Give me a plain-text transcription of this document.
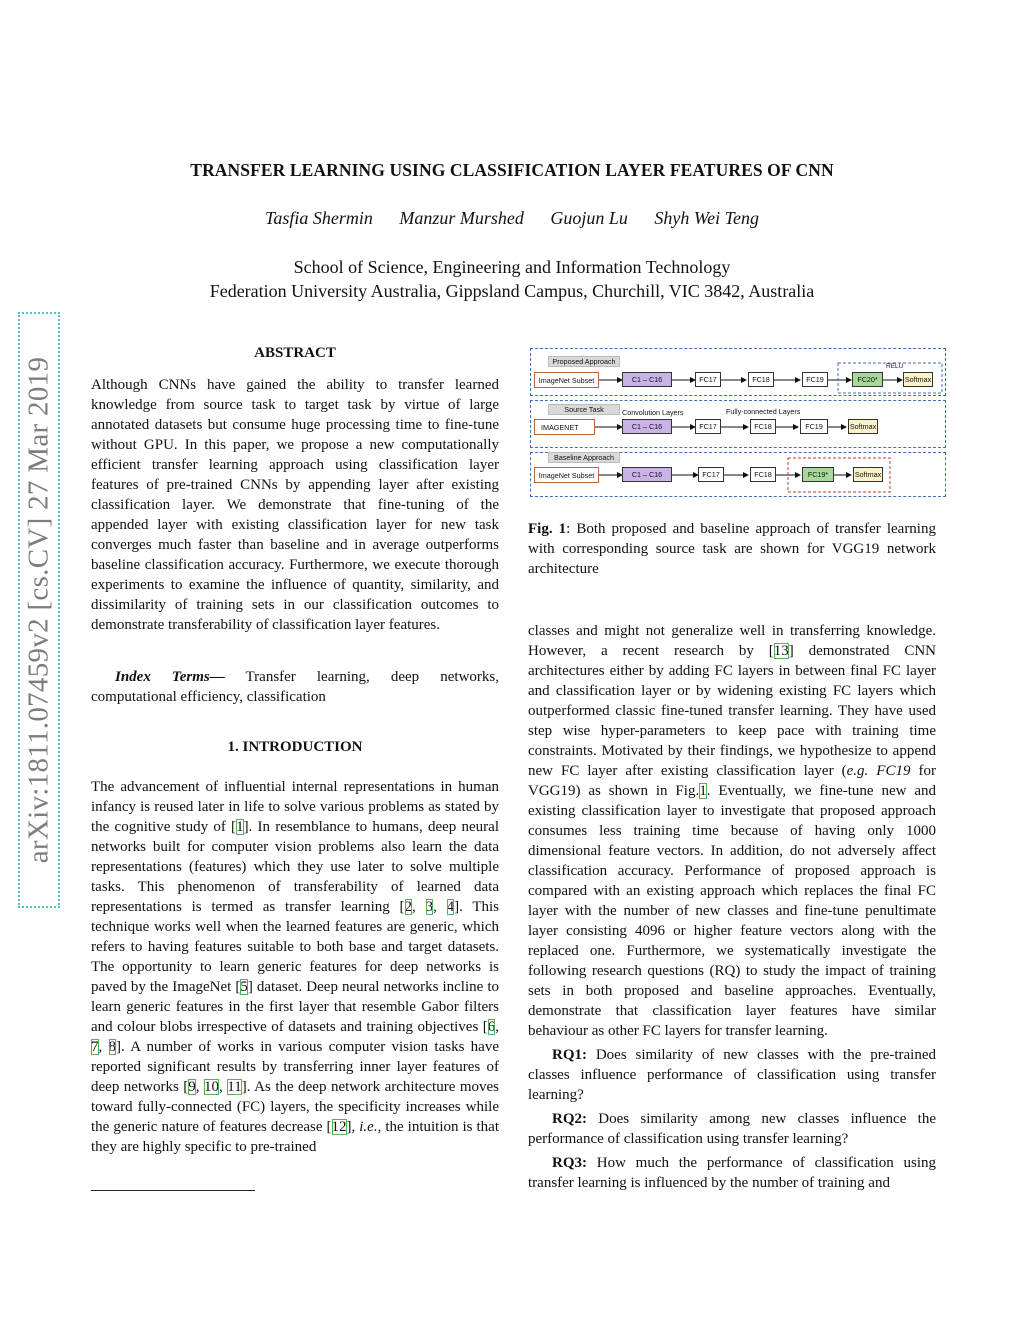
TRANSFER LEARNING USING CLASSIFICATION LAYER FEATURES OF CNN
Tasfia Shermin Manzur Murshed Guojun Lu Shyh Wei Teng
School of Science, Engineering and Information Technology
Federation University Australia, Gippsland Campus, Churchill, VIC 3842, Australia
arXiv:1811.07459v2 [cs.CV] 27 Mar 2019
ABSTRACT

Although CNNs have gained the ability to transfer learned knowledge from source task to target task by virtue of large annotated datasets but consume huge processing time to fine-tune without GPU. In this paper, we propose a new computationally efficient transfer learning approach using classification layer features of pre-trained CNNs by appending layer after existing classification layer. We demonstrate that fine-tuning of the appended layer with existing classification layer for new task converges much faster than baseline and in average outperforms baseline classification accuracy. Furthermore, we execute thorough experiments to examine the influence of quantity, similarity, and dissimilarity of training sets in our classification outcomes to demonstrate transferability of classification layer features.

Index Terms— Transfer learning, deep networks, computational efficiency, classification

1. INTRODUCTION

The advancement of influential internal representations in human infancy is reused later in life to solve various problems as stated by the cognitive study of [1]. In resemblance to humans, deep neural networks built for computer vision problems also learn the data representations (features) which they use later to solve multiple tasks. This phenomenon of transferability of learned data representations is termed as transfer learning [2, 3, 4]. This technique works well when the learned features are generic, which refers to having features suitable to both base and target datasets. The opportunity to learn generic features for deep networks is paved by the ImageNet [5] dataset. Deep neural networks incline to learn generic features in the first layer that resemble Gabor filters and colour blobs irrespective of datasets and training objectives [6, 7, 8]. A number of works in various computer vision tasks have reported significant results by transferring inner layer features of deep networks [9, 10, 11]. As the deep network architecture moves toward fully-connected (FC) layers, the specificity increases while the generic nature of features decrease [12], i.e., the intuition is that they are highly specific to pre-trained

Proposed Approach
Source Task
Baseline Approach
Convolution Layers	Fully-connected Layers
ImageNet Subset	C1 – C16	FC17	FC18	FC19	FC20*
RELU
Softmax
IMAGENET	C1 – C16	FC17	FC18	FC19	Softmax
ImageNet Subset	C1 – C16	FC17	FC18	FC19*	Softmax
Fig. 1: Both proposed and baseline approach of transfer learning with corresponding source task are shown for VGG19 network architecture

classes and might not generalize well in transferring knowledge. However, a recent research by [13] demonstrated CNN architectures either by adding FC layers in between final FC layer and classification layer or by widening existing FC layers which outperformed classic fine-tuned transfer learning. They have used step wise hyper-parameters to keep pace with training time constraints. Motivated by their findings, we hypothesize to append new FC layer after existing classification layer (e.g. FC19 for VGG19) as shown in Fig.1. Eventually, we fine-tune new and existing classification layer to investigate that proposed approach consumes less training time because of having only 1000 dimensional feature vectors. In addition, do not adversely affect classification accuracy. Performance of proposed approach is compared with an existing approach which replaces the final FC layer with the number of new classes and fine-tune penultimate layer consisting 4096 or higher feature vectors along with the replaced one. Furthermore, we systematically investigate the following research questions (RQ) to study the impact of training sets in both proposed and baseline approaches. Eventually, demonstrate that classification layer features have similar behaviour as other FC layers for transfer learning.

RQ1: Does similarity of new classes with the pre-trained classes influence performance of classification using transfer learning?

RQ2: Does similarity among new classes influence the performance of classification using transfer learning?

RQ3: How much the performance of classification using transfer learning is influenced by the number of training and
